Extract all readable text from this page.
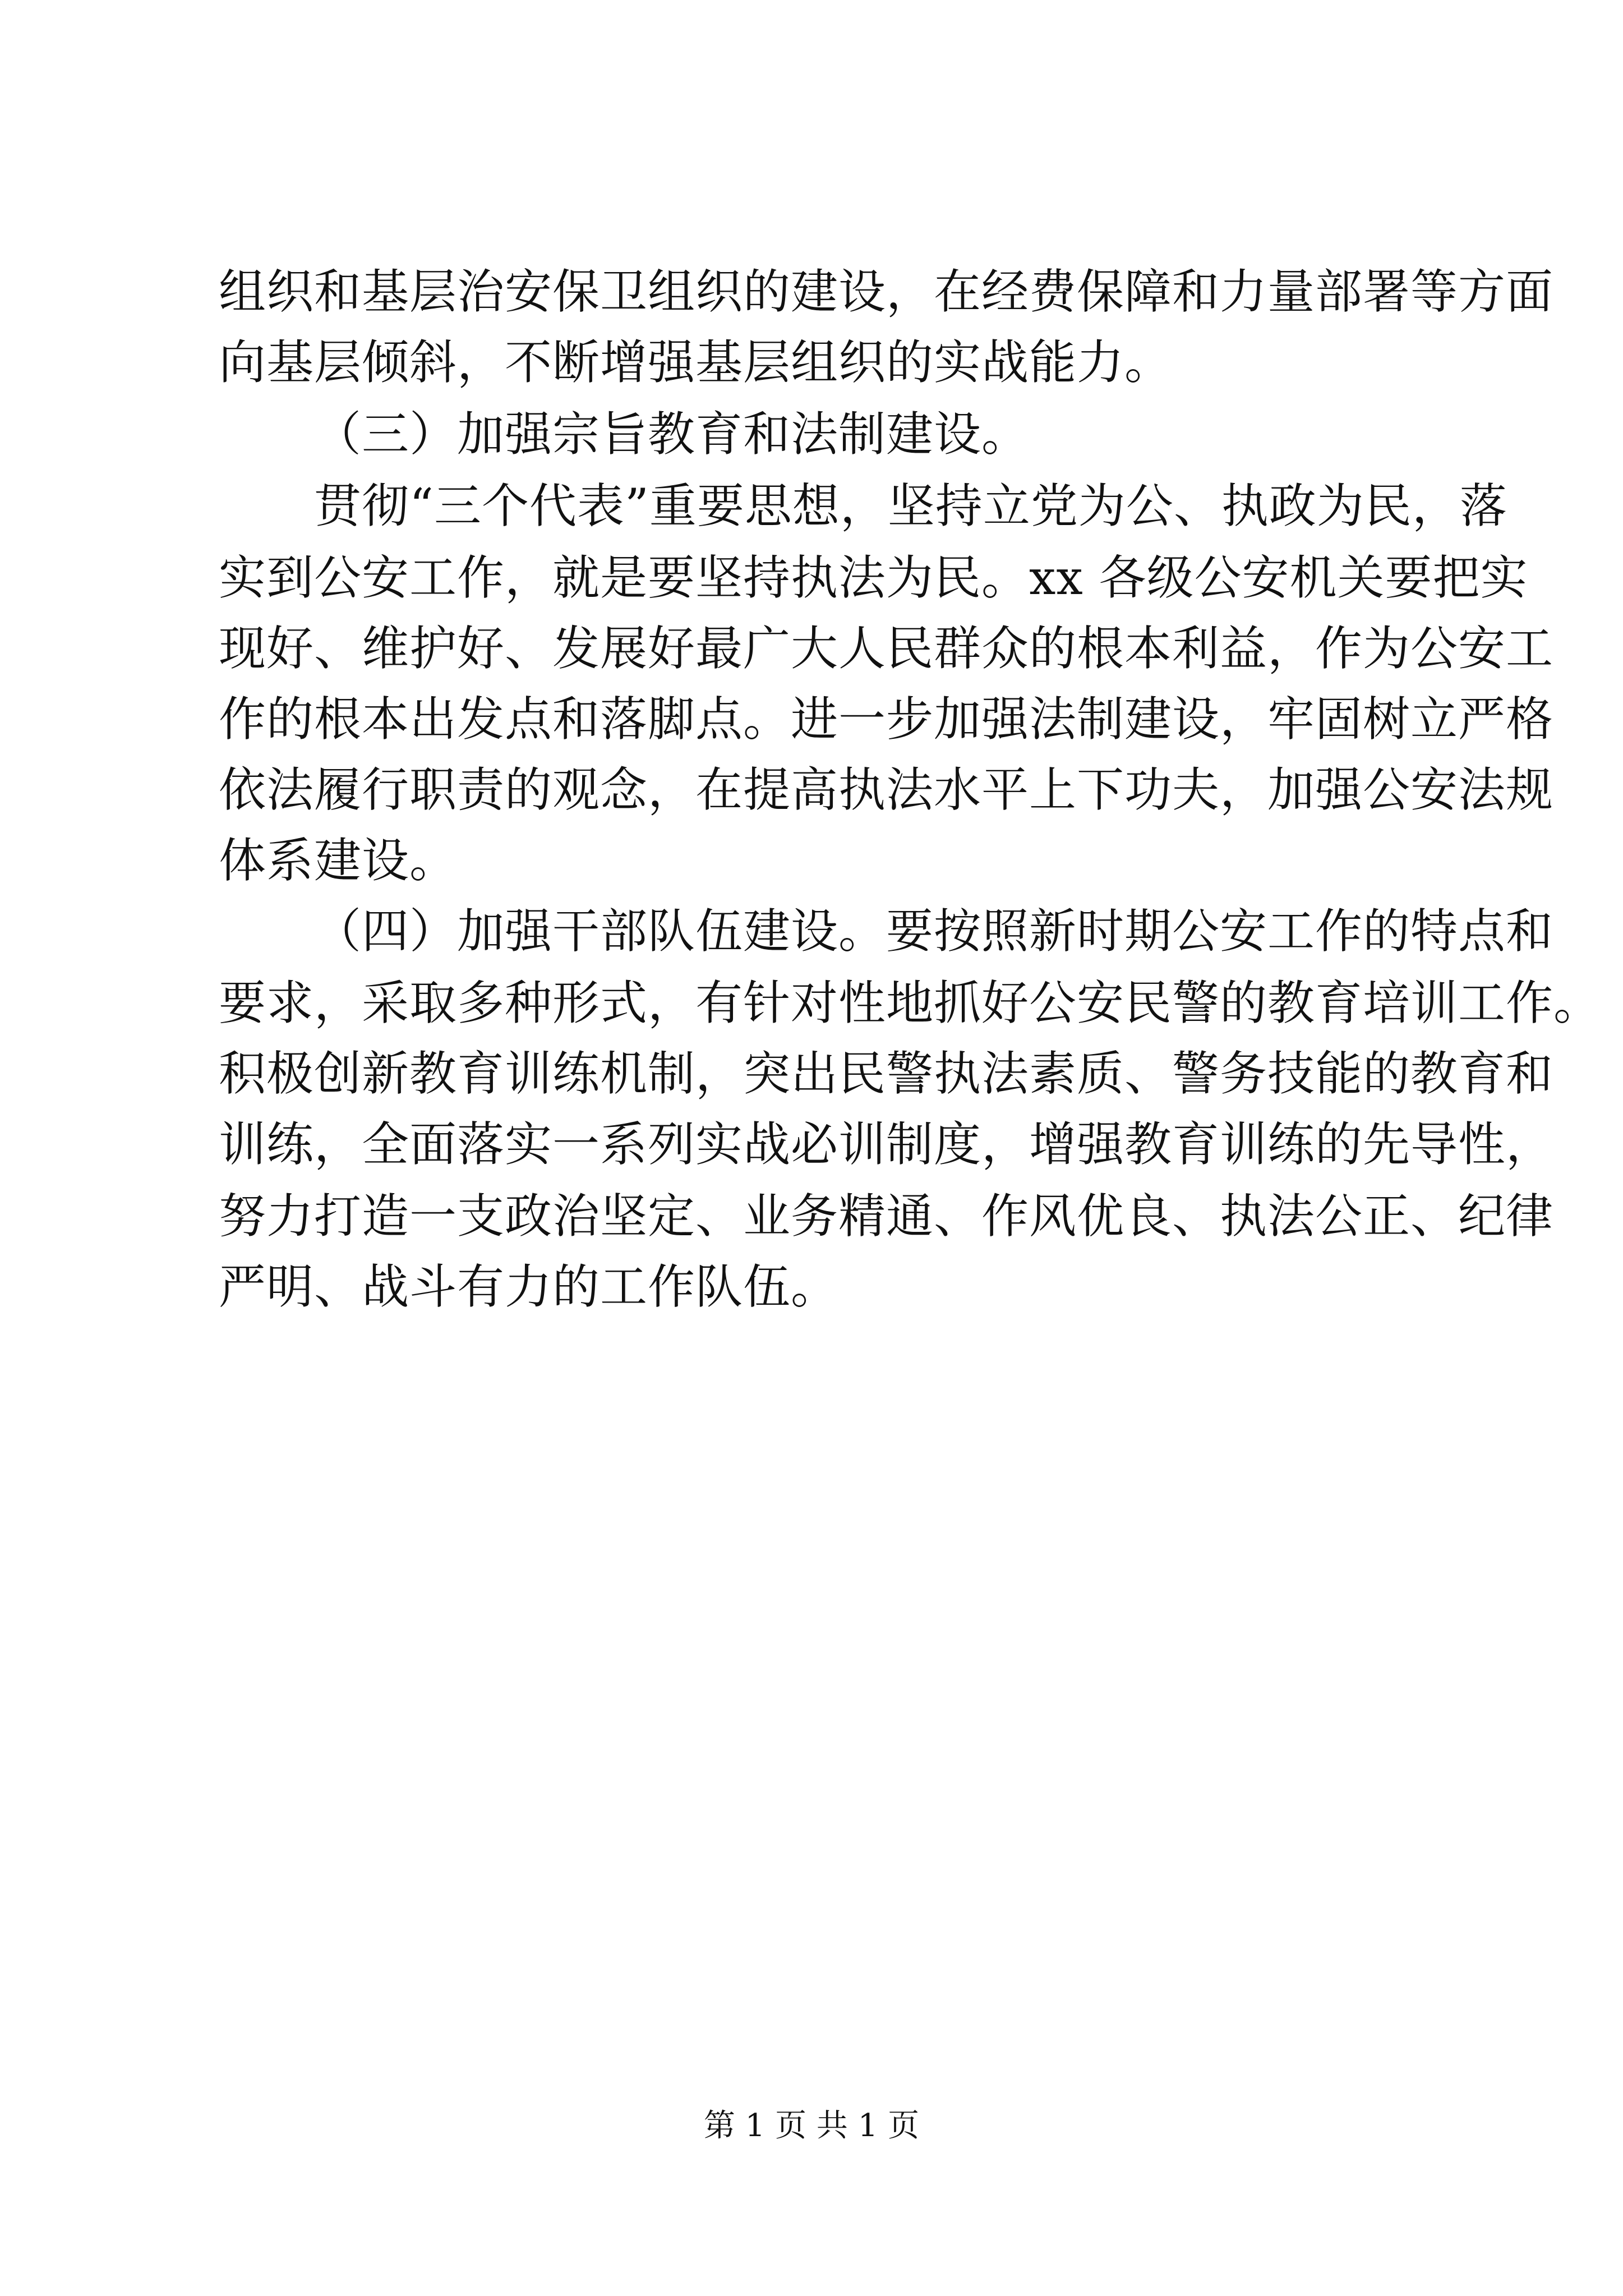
组织和基层治安保卫组织的建设，在经费保障和力量部署等方面
向基层倾斜，不断增强基层组织的实战能力。
（三）加强宗旨教育和法制建设。
贯彻“三个代表”重要思想，坚持立党为公、执政为民，落
实到公安工作，就是要坚持执法为民。xx 各级公安机关要把实
现好、维护好、发展好最广大人民群众的根本利益，作为公安工
作的根本出发点和落脚点。进一步加强法制建设，牢固树立严格
依法履行职责的观念，在提高执法水平上下功夫，加强公安法规
体系建设。
（四）加强干部队伍建设。要按照新时期公安工作的特点和
要求，采取多种形式，有针对性地抓好公安民警的教育培训工作。
积极创新教育训练机制，突出民警执法素质、警务技能的教育和
训练，全面落实一系列实战必训制度，增强教育训练的先导性，
努力打造一支政治坚定、业务精通、作风优良、执法公正、纪律
严明、战斗有力的工作队伍。
第 1 页 共 1 页
